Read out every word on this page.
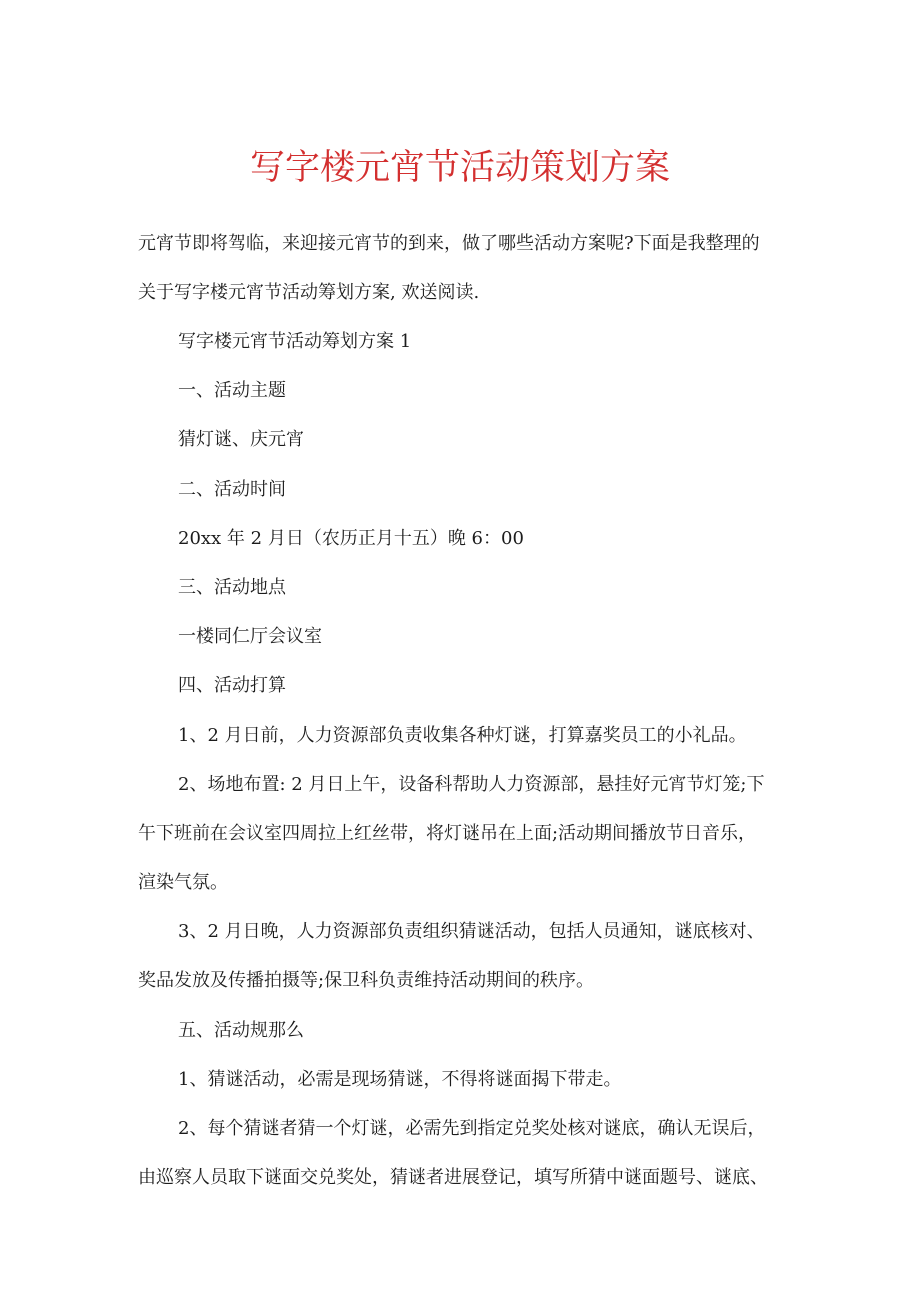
写字楼元宵节活动策划方案
元宵节即将驾临，来迎接元宵节的到来，做了哪些活动方案呢?下面是我整理的
关于写字楼元宵节活动筹划方案, 欢送阅读.
写字楼元宵节活动筹划方案 1
一、活动主题
猜灯谜、庆元宵
二、活动时间
20xx 年 2 月日（农历正月十五）晚 6：00
三、活动地点
一楼同仁厅会议室
四、活动打算
1、2 月日前，人力资源部负责收集各种灯谜，打算嘉奖员工的小礼品。
2、场地布置: 2 月日上午，设备科帮助人力资源部，悬挂好元宵节灯笼;下
午下班前在会议室四周拉上红丝带，将灯谜吊在上面;活动期间播放节日音乐，
渲染气氛。
3、2 月日晚，人力资源部负责组织猜谜活动，包括人员通知，谜底核对、
奖品发放及传播拍摄等;保卫科负责维持活动期间的秩序。
五、活动规那么
1、猜谜活动，必需是现场猜谜，不得将谜面揭下带走。
2、每个猜谜者猜一个灯谜，必需先到指定兑奖处核对谜底，确认无误后，
由巡察人员取下谜面交兑奖处，猜谜者进展登记，填写所猜中谜面题号、谜底、
